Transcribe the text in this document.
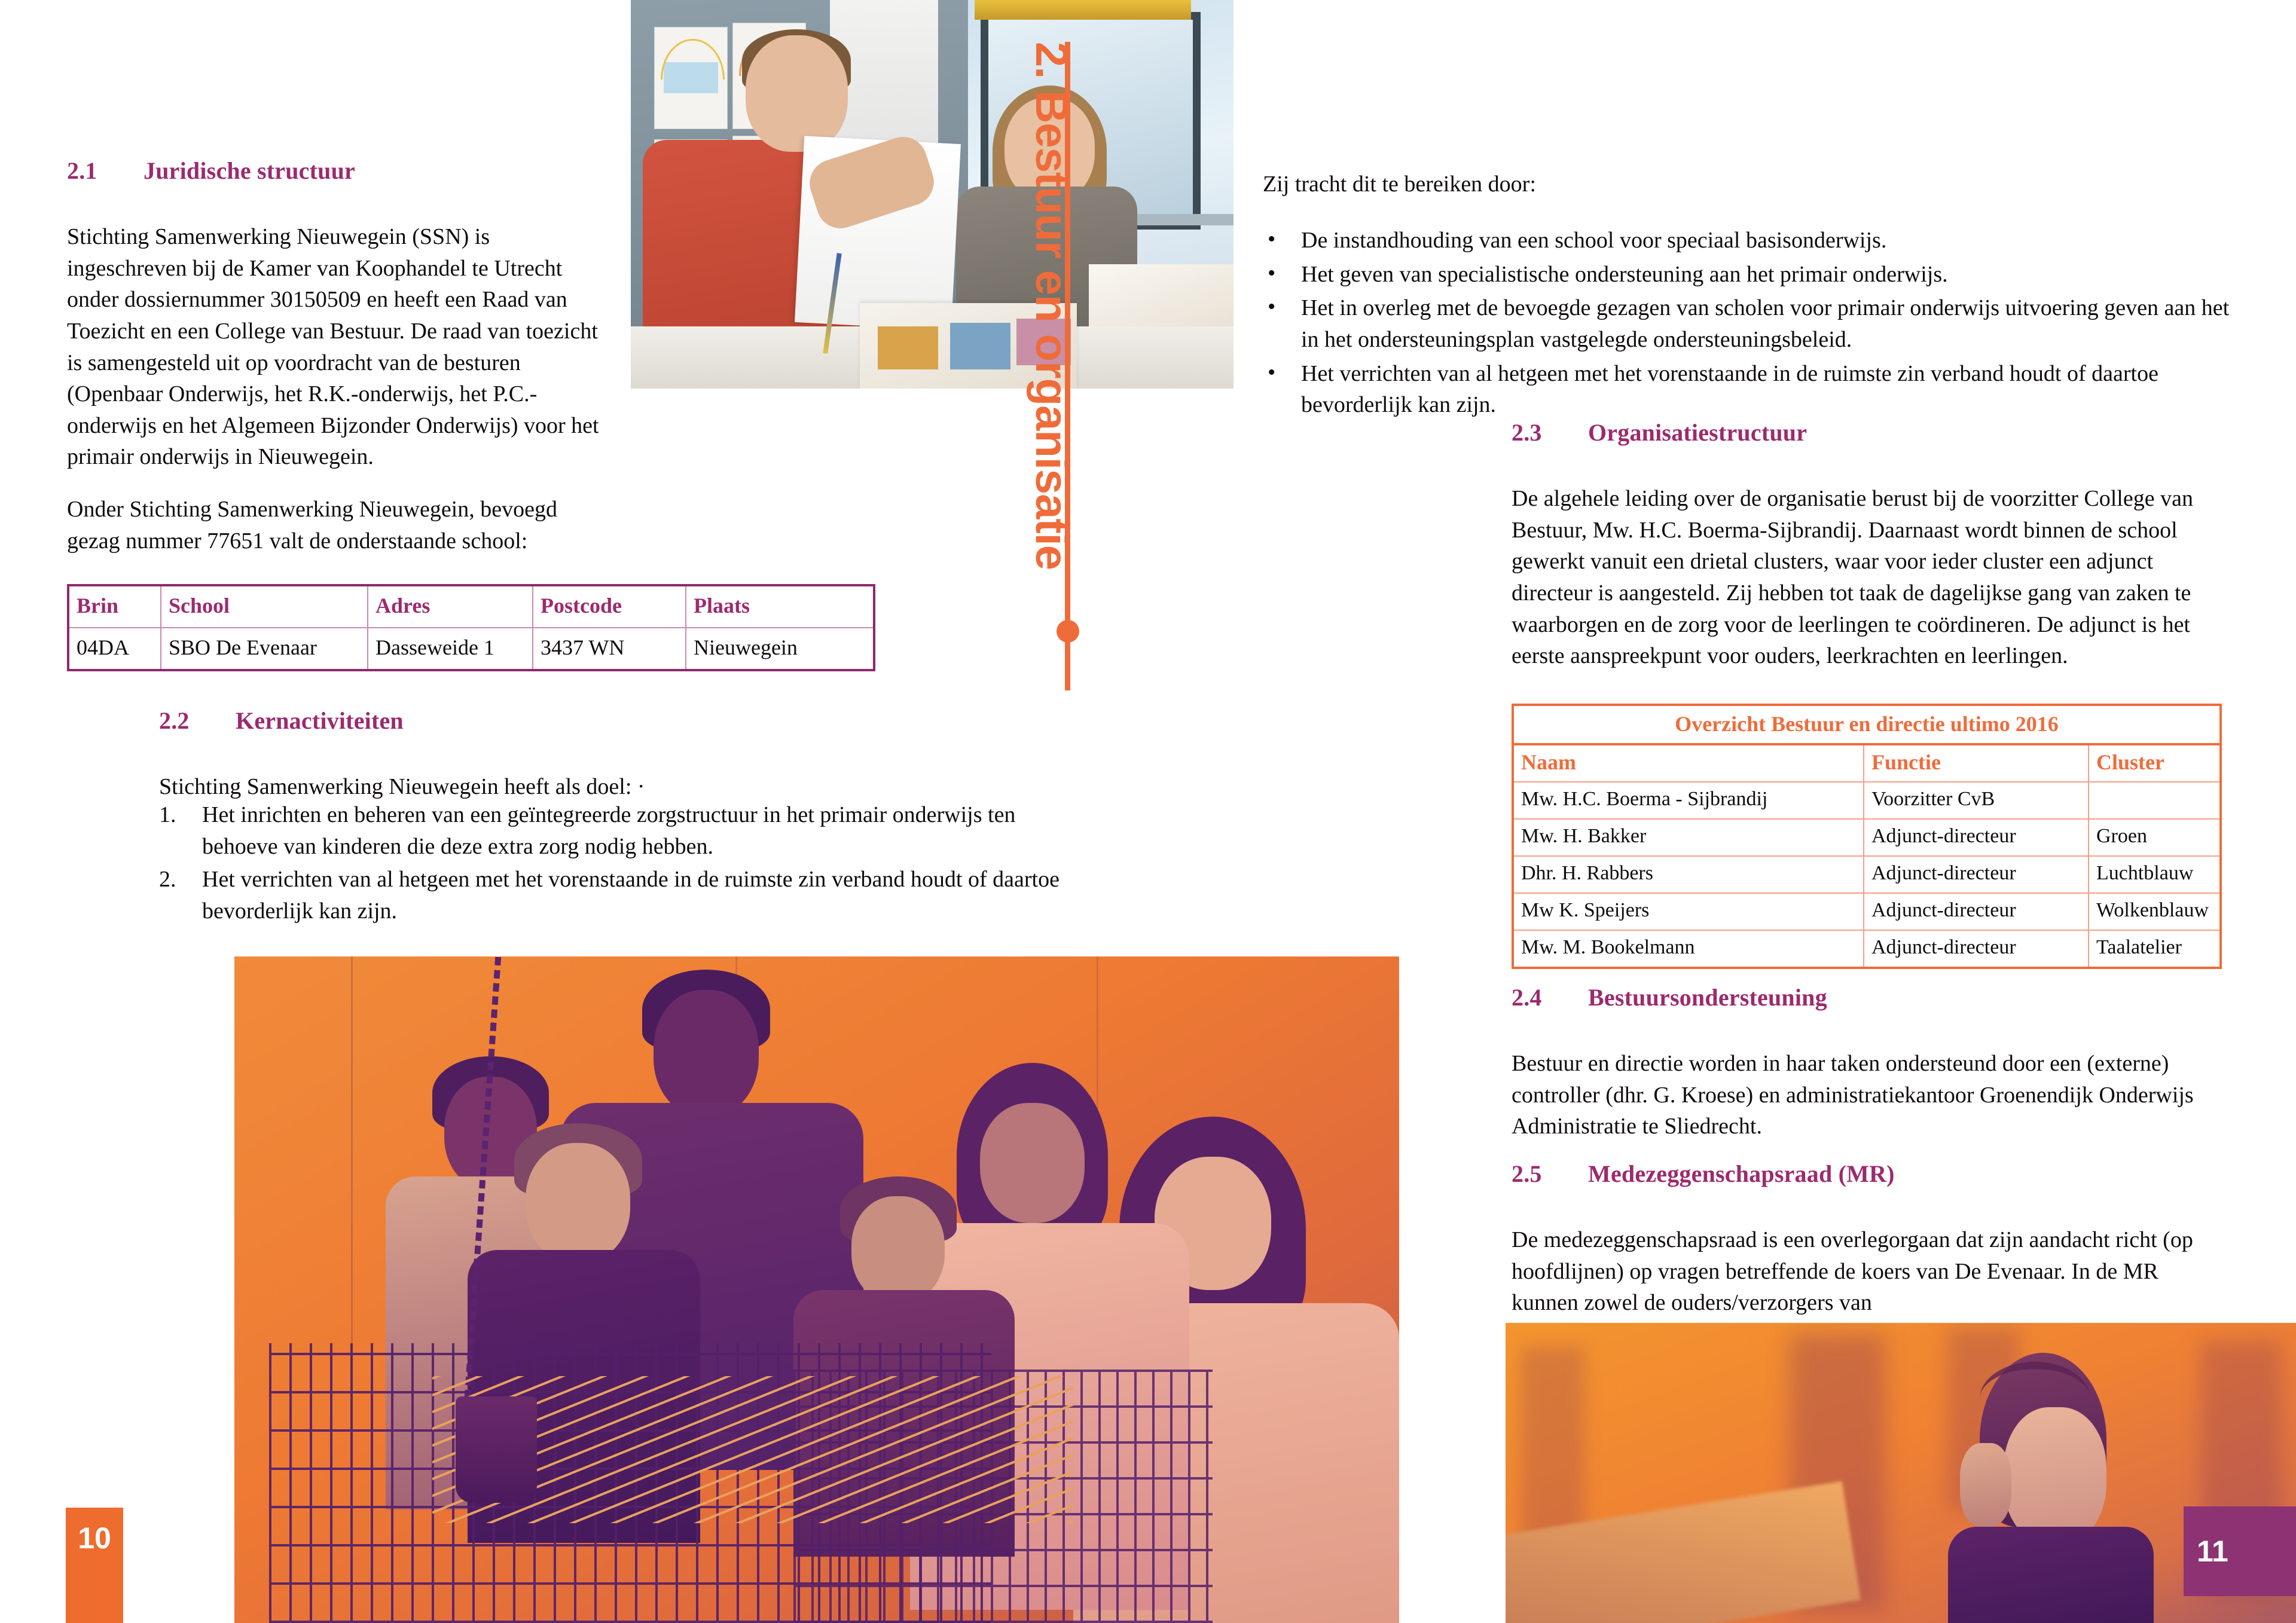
2. Bestuur en organisatie
2.1	Juridische structuur
Stichting Samenwerking Nieuwegein (SSN) is ingeschreven bij de Kamer van Koophandel te Utrecht onder dossiernummer 30150509 en heeft een Raad van Toezicht en een College van Bestuur. De raad van toezicht is samengesteld uit op voordracht van de besturen (Openbaar Onderwijs, het R.K.-onderwijs, het P.C.-onderwijs en het Algemeen Bijzonder Onderwijs) voor het primair onderwijs in Nieuwegein.
Onder Stichting Samenwerking Nieuwegein, bevoegd gezag nummer 77651 valt de onderstaande school:
Brin	School	Adres	Postcode	Plaats
04DA	SBO De Evenaar	Dasseweide 1	3437 WN	Nieuwegein
2.2	Kernactiviteiten
Stichting Samenwerking Nieuwegein heeft als doel: ·
1.	Het inrichten en beheren van een geïntegreerde zorgstructuur in het primair onderwijs ten behoeve van kinderen die deze extra zorg nodig hebben.
2.	Het verrichten van al hetgeen met het vorenstaande in de ruimste zin verband houdt of daartoe bevorderlijk kan zijn.
10
Zij tracht dit te bereiken door:
• De instandhouding van een school voor speciaal basisonderwijs.
• Het geven van specialistische ondersteuning aan het primair onderwijs.
• Het in overleg met de bevoegde gezagen van scholen voor primair onderwijs uitvoering geven aan het in het ondersteuningsplan vastgelegde ondersteuningsbeleid.
• Het verrichten van al hetgeen met het vorenstaande in de ruimste zin verband houdt of daartoe bevorderlijk kan zijn.
2.3	Organisatiestructuur
De algehele leiding over de organisatie berust bij de voorzitter College van Bestuur, Mw. H.C. Boerma-Sijbrandij. Daarnaast wordt binnen de school gewerkt vanuit een drietal clusters, waar voor ieder cluster een adjunct directeur is aangesteld. Zij hebben tot taak de dagelijkse gang van zaken te waarborgen en de zorg voor de leerlingen te coördineren. De adjunct is het eerste aanspreekpunt voor ouders, leerkrachten en leerlingen.
Overzicht Bestuur en directie ultimo 2016		
Naam	Functie	Cluster
Mw. H.C. Boerma - Sijbrandij	Voorzitter CvB	
Mw. H. Bakker	Adjunct-directeur	Groen
Dhr. H. Rabbers	Adjunct-directeur	Luchtblauw
Mw K. Speijers	Adjunct-directeur	Wolkenblauw
Mw. M. Bookelmann	Adjunct-directeur	Taalatelier
2.4	Bestuursondersteuning
Bestuur en directie worden in haar taken ondersteund door een (externe) controller (dhr. G. Kroese) en administratiekantoor Groenendijk Onderwijs Administratie te Sliedrecht.
2.5	Medezeggenschapsraad (MR)
De medezeggenschapsraad is een overlegorgaan dat zijn aandacht richt (op hoofdlijnen) op vragen betreffende de koers van De Evenaar. In de MR kunnen zowel de ouders/verzorgers van
11
